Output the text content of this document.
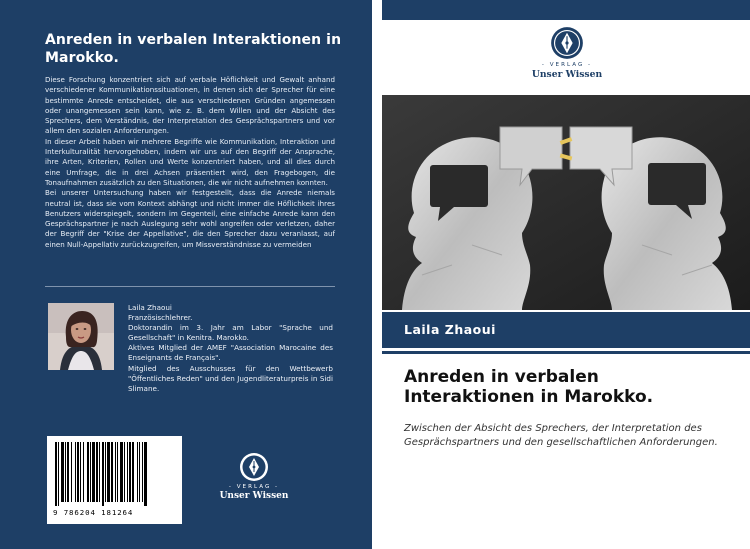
Anreden in verbalen Interaktionen in Marokko.

Diese Forschung konzentriert sich auf verbale Höflichkeit und Gewalt anhand verschiedener Kommunikationssituationen, in denen sich der Sprecher für eine bestimmte Anrede entscheidet, die aus verschiedenen Gründen angemessen oder unangemessen sein kann, wie z. B. dem Willen und der Absicht des Sprechers, dem Verständnis, der Interpretation des Gesprächspartners und vor allem den sozialen Anforderungen.

In dieser Arbeit haben wir mehrere Begriffe wie Kommunikation, Interaktion und Interkulturalität hervorgehoben, indem wir uns auf den Begriff der Ansprache, ihre Arten, Kriterien, Rollen und Werte konzentriert haben, und all dies durch eine Umfrage, die in drei Achsen präsentiert wird, den Fragebogen, die Tonaufnahmen zusätzlich zu den Situationen, die wir nicht aufnehmen konnten.

Bei unserer Untersuchung haben wir festgestellt, dass die Anrede niemals neutral ist, dass sie vom Kontext abhängt und nicht immer die Höflichkeit ihres Benutzers widerspiegelt, sondern im Gegenteil, eine einfache Anrede kann den Gesprächspartner je nach Auslegung sehr wohl angreifen oder verletzen, daher der Begriff der "Krise der Appellative", die den Sprecher dazu veranlasst, auf einen Null-Appellativ zurückzugreifen, um Missverständnisse zu vermeiden

Laila Zhaoui
Französischlehrer.
Doktorandin im 3. Jahr am Labor "Sprache und Gesellschaft" in Kenitra. Marokko.
Aktives Mitglied der AMEF "Association Marocaine des Enseignants de Français".
Mitglied des Ausschusses für den Wettbewerb "Öffentliches Reden" und den Jugendliteraturpreis in Sidi Slimane.
9 786204 181264
- VERLAG -
Unser Wissen
- VERLAG -
Unser Wissen
Laila Zhaoui
Anreden in verbalen Interaktionen in Marokko.
Zwischen der Absicht des Sprechers, der Interpretation des Gesprächspartners und den gesellschaftlichen Anforderungen.
